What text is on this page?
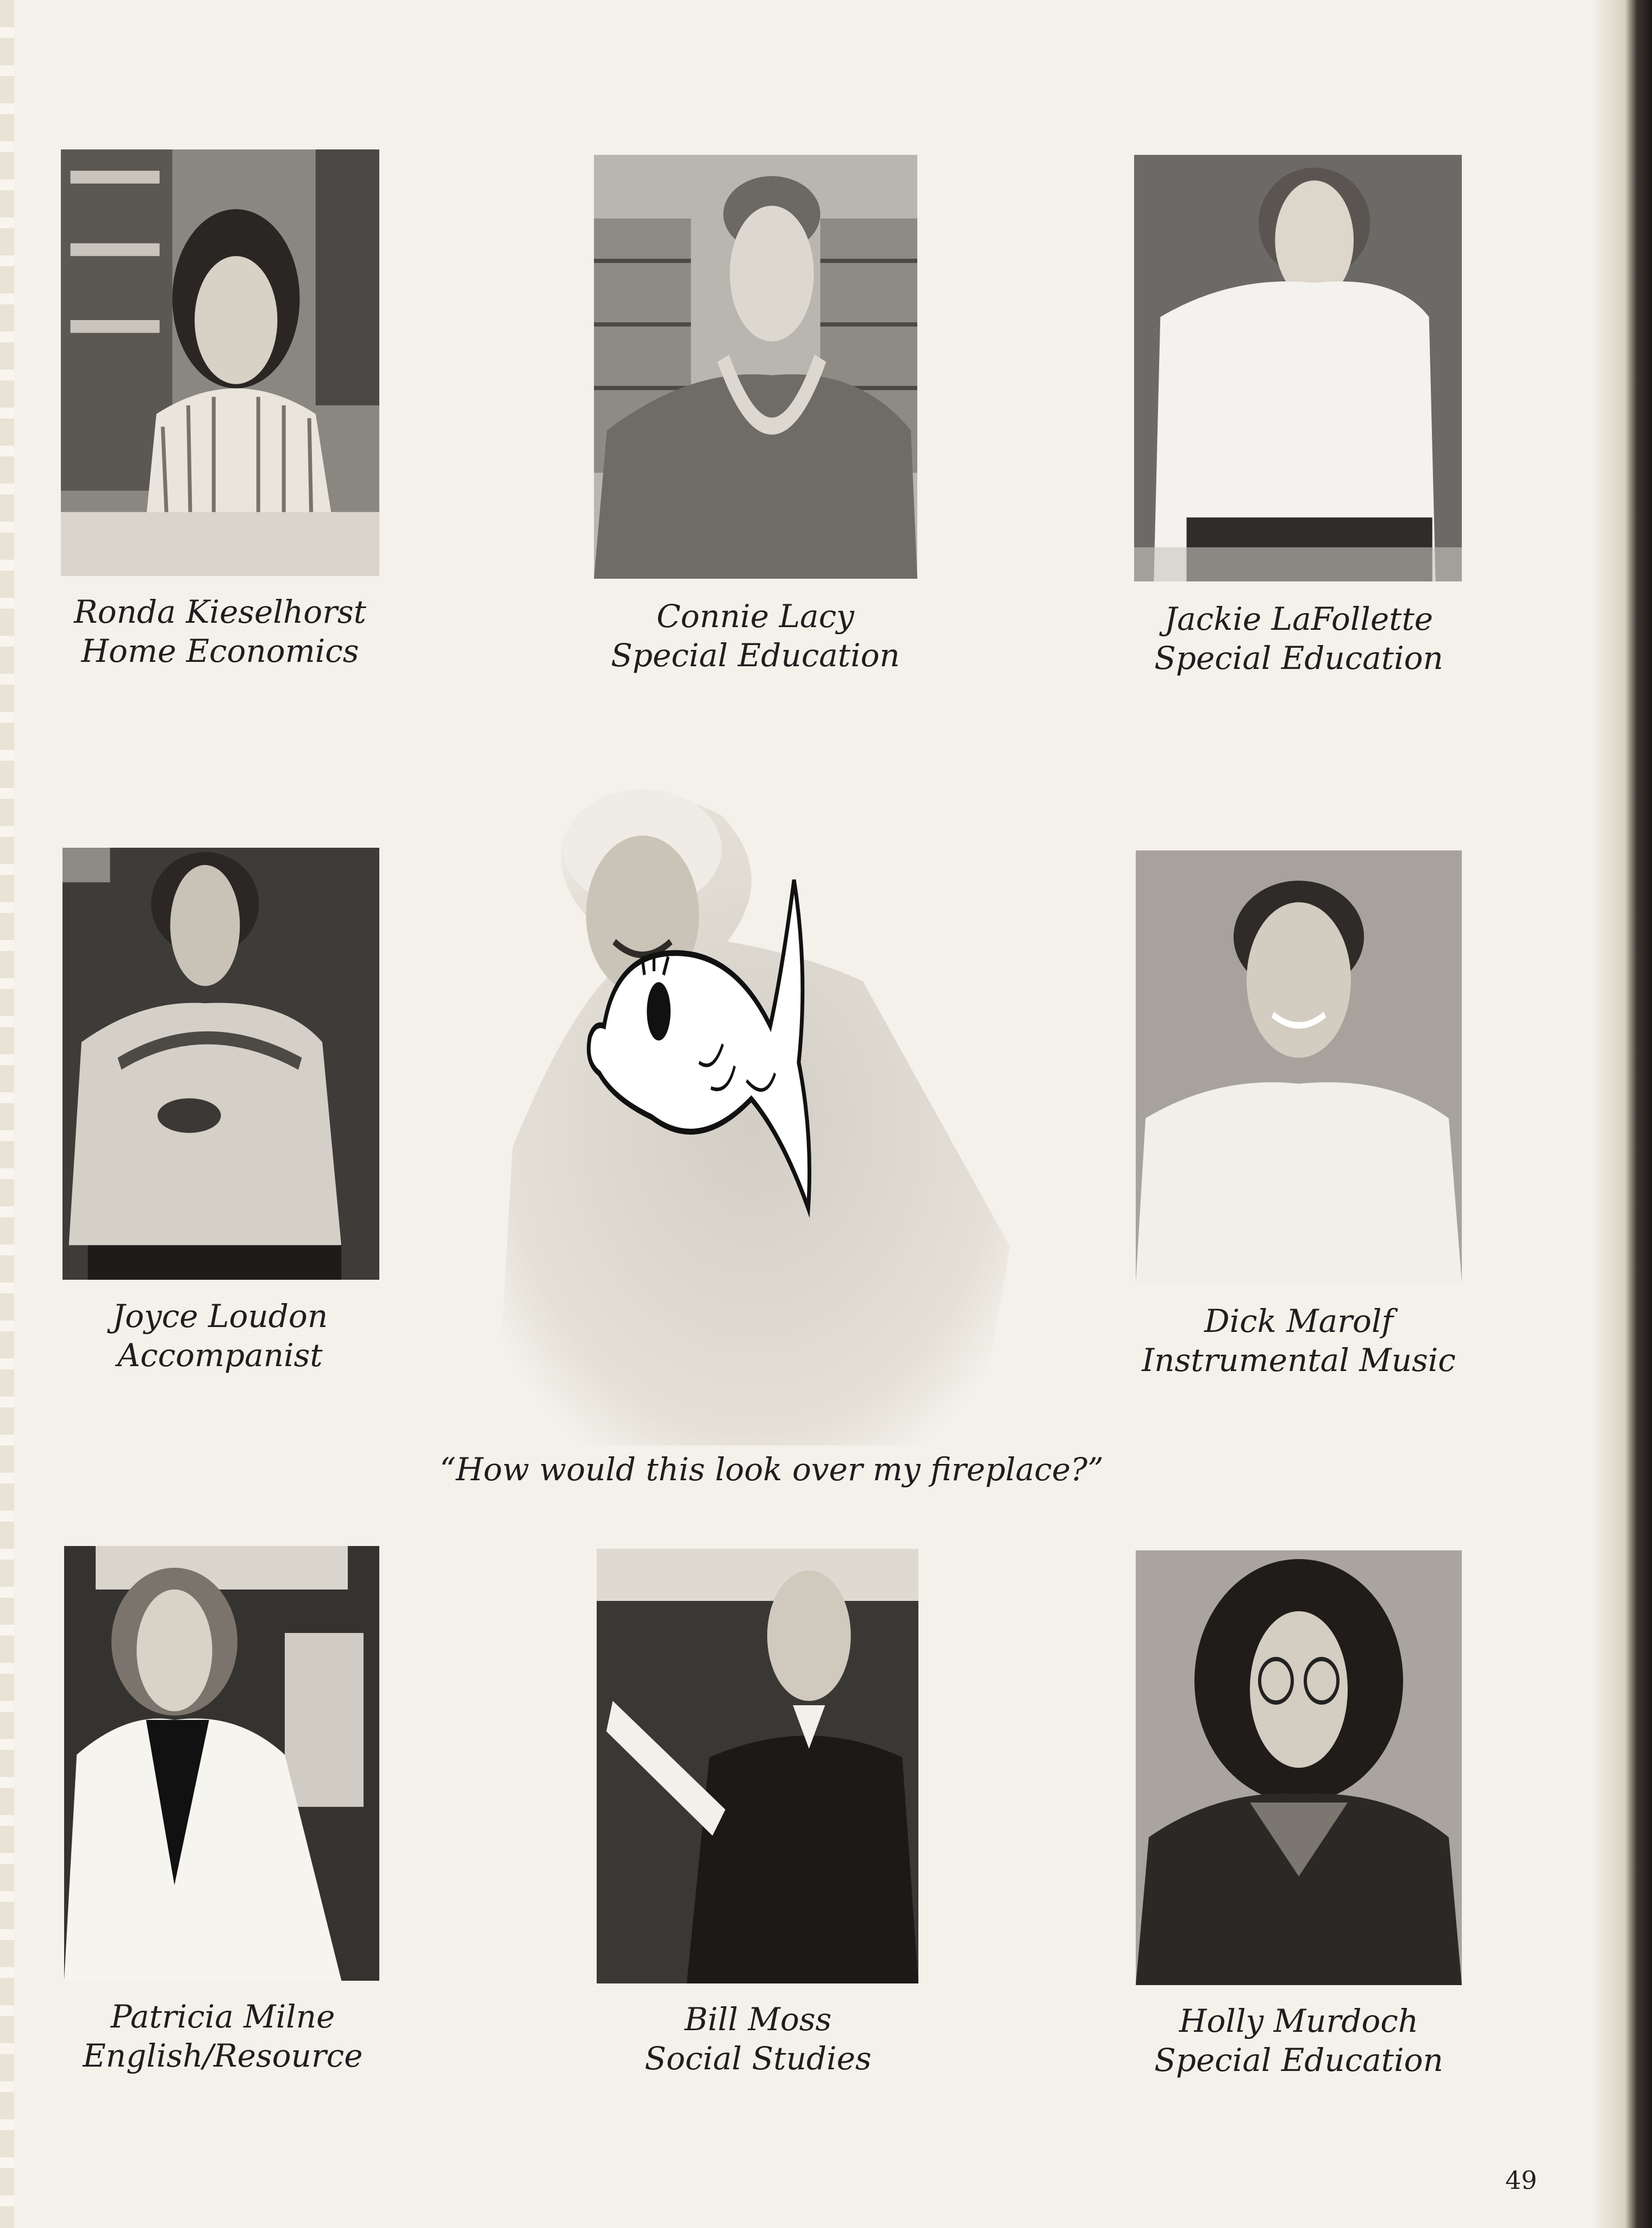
Ronda Kieselhorst
Home Economics
Connie Lacy
Special Education
Jackie LaFollette
Special Education
Joyce Loudon
Accompanist
“How would this look over my fireplace?”
Dick Marolf
Instrumental Music
Patricia Milne
English/Resource
Bill Moss
Social Studies
Holly Murdoch
Special Education
49
